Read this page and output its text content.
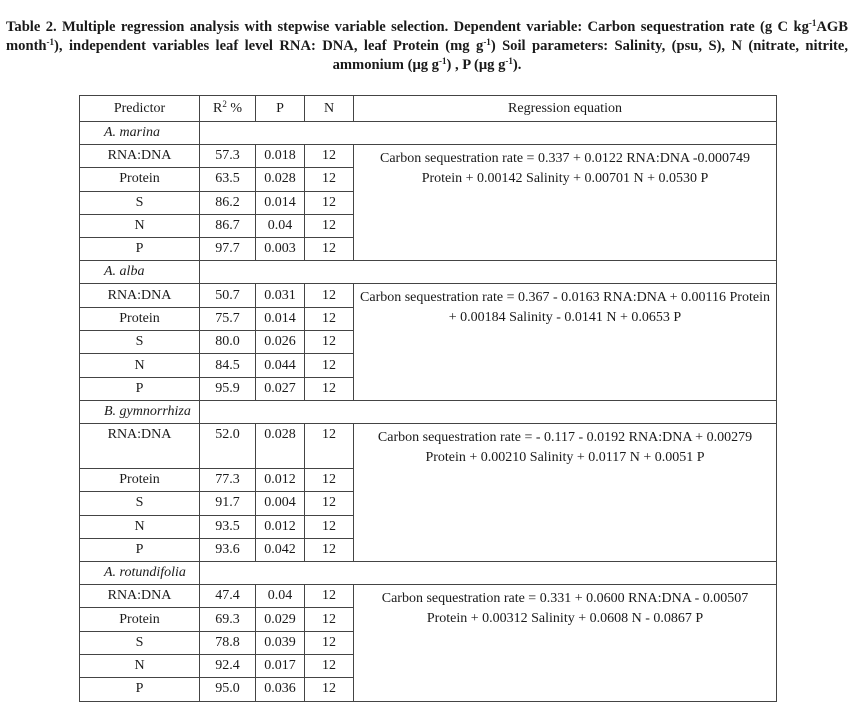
Table 2. Multiple regression analysis with stepwise variable selection. Dependent variable: Carbon sequestration rate (g C $kg^{-1}AGB$ month$^{-1}$), independent variables leaf level RNA: DNA, leaf Protein (mg $g^{-1}$) Soil parameters: Salinity, (psu, S), N (nitrate, nitrite, ammonium (μg $g^{-1}$) , P (μg $g^{-1}$).
Predictor	$R^2$ %	P	N	Regression equation
A. marina				
RNA:DNA	57.3	0.018	12	Carbon sequestration rate = 0.337 + 0.0122 RNA:DNA -0.000749 Protein + 0.00142 Salinity + 0.00701 N + 0.0530 P
Protein	63.5	0.028	12	
S	86.2	0.014	12	
N	86.7	0.04	12	
P	97.7	0.003	12	
A. alba				
RNA:DNA	50.7	0.031	12	Carbon sequestration rate = 0.367 - 0.0163 RNA:DNA + 0.00116 Protein + 0.00184 Salinity - 0.0141 N + 0.0653 P
Protein	75.7	0.014	12	
S	80.0	0.026	12	
N	84.5	0.044	12	
P	95.9	0.027	12	
B. gymnorrhiza				
RNA:DNA	52.0	0.028	12	Carbon sequestration rate = - 0.117 - 0.0192 RNA:DNA + 0.00279 Protein + 0.00210 Salinity + 0.0117 N + 0.0051 P
Protein	77.3	0.012	12	
S	91.7	0.004	12	
N	93.5	0.012	12	
P	93.6	0.042	12	
A. rotundifolia				
RNA:DNA	47.4	0.04	12	Carbon sequestration rate = 0.331 + 0.0600 RNA:DNA - 0.00507 Protein + 0.00312 Salinity + 0.0608 N - 0.0867 P
Protein	69.3	0.029	12	
S	78.8	0.039	12	
N	92.4	0.017	12	
P	95.0	0.036	12	
